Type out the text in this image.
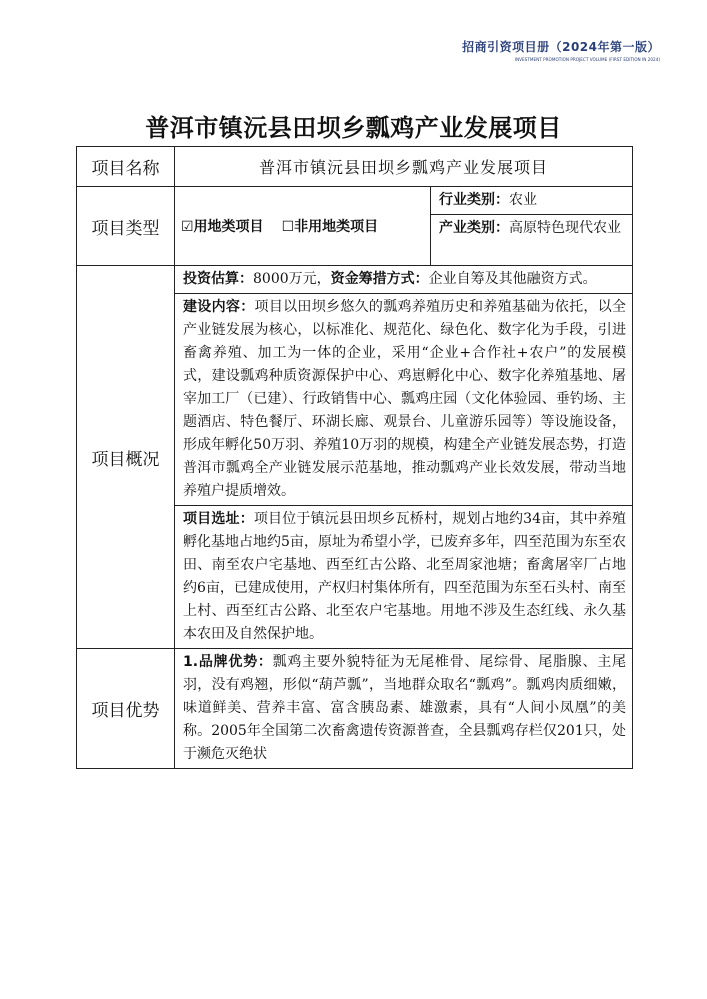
招商引资项目册（2024年第一版）
INVESTMENT PROMOTION PROJECT VOLUME (FIRST EDITION IN 2024)
普洱市镇沅县田坝乡瓢鸡产业发展项目
项目名称	普洱市镇沅县田坝乡瓢鸡产业发展项目	
项目类型	☑用地类项目 ☐非用地类项目	行业类别：农业
		产业类别：高原特色现代农业
项目概况	投资估算：8000万元，资金筹措方式：企业自筹及其他融资方式。	

	建设内容：项目以田坝乡悠久的瓢鸡养殖历史和养殖基础为依托，以全产业链发展为核心，以标准化、规范化、绿色化、数字化为手段，引进畜禽养殖、加工为一体的企业，采用“企业+合作社+农户”的发展模式，建设瓢鸡种质资源保护中心、鸡崽孵化中心、数字化养殖基地、屠宰加工厂（已建）、行政销售中心、瓢鸡庄园（文化体验园、垂钓场、主题酒店、特色餐厅、环湖长廊、观景台、儿童游乐园等）等设施设备，形成年孵化50万羽、养殖10万羽的规模，构建全产业链发展态势，打造普洱市瓢鸡全产业链发展示范基地，推动瓢鸡产业长效发展，带动当地养殖户提质增效。	

	项目选址：项目位于镇沅县田坝乡瓦桥村，规划占地约34亩，其中养殖孵化基地占地约5亩，原址为希望小学，已废弃多年，四至范围为东至农田、南至农户宅基地、西至红古公路、北至周家池塘；畜禽屠宰厂占地约6亩，已建成使用，产权归村集体所有，四至范围为东至石头村、南至上村、西至红古公路、北至农户宅基地。用地不涉及生态红线、永久基本农田及自然保护地。	

项目优势	1.品牌优势：瓢鸡主要外貌特征为无尾椎骨、尾综骨、尾脂腺、主尾羽，没有鸡翘，形似“葫芦瓢”，当地群众取名“瓢鸡”。瓢鸡肉质细嫩，味道鲜美、营养丰富、富含胰岛素、雄激素，具有“人间小凤凰”的美称。2005年全国第二次畜禽遗传资源普查，全县瓢鸡存栏仅201只，处于濒危灭绝状	
